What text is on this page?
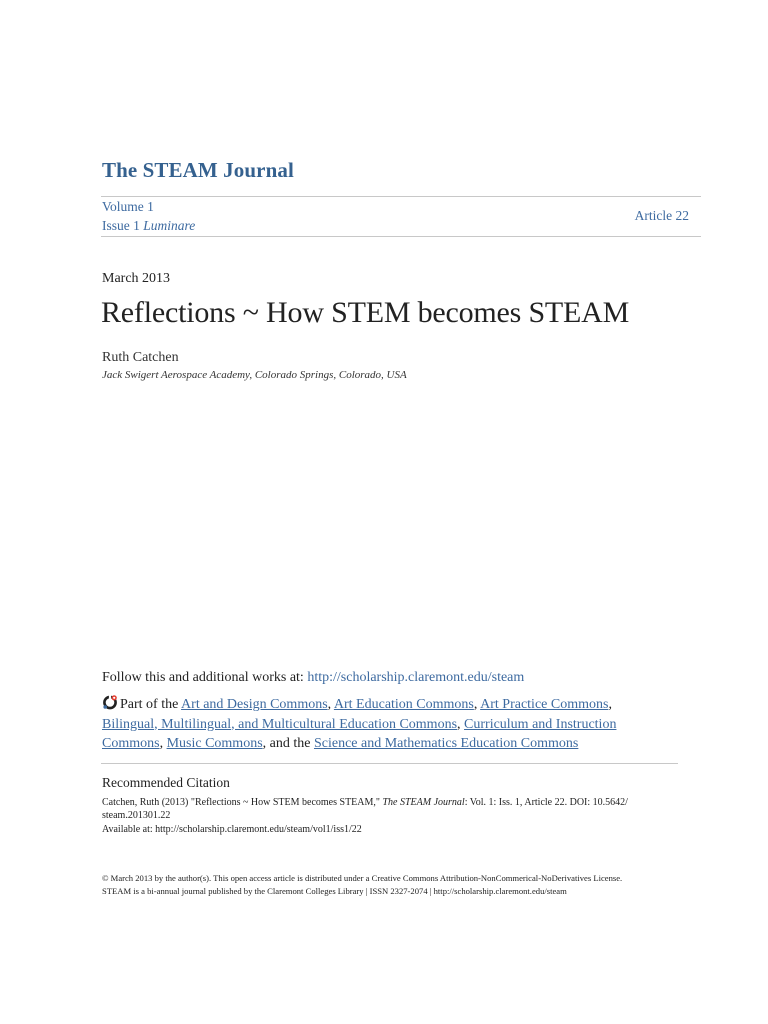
The STEAM Journal
Volume 1
Issue 1 Luminare
Article 22
March 2013
Reflections ~ How STEM becomes STEAM
Ruth Catchen
Jack Swigert Aerospace Academy, Colorado Springs, Colorado, USA
Follow this and additional works at: http://scholarship.claremont.edu/steam
Part of the Art and Design Commons, Art Education Commons, Art Practice Commons, Bilingual, Multilingual, and Multicultural Education Commons, Curriculum and Instruction Commons, Music Commons, and the Science and Mathematics Education Commons
Recommended Citation
Catchen, Ruth (2013) "Reflections ~ How STEM becomes STEAM," The STEAM Journal: Vol. 1: Iss. 1, Article 22. DOI: 10.5642/ steam.201301.22
Available at: http://scholarship.claremont.edu/steam/vol1/iss1/22
© March 2013 by the author(s). This open access article is distributed under a Creative Commons Attribution-NonCommerical-NoDerivatives License.
STEAM is a bi-annual journal published by the Claremont Colleges Library | ISSN 2327-2074 | http://scholarship.claremont.edu/steam
